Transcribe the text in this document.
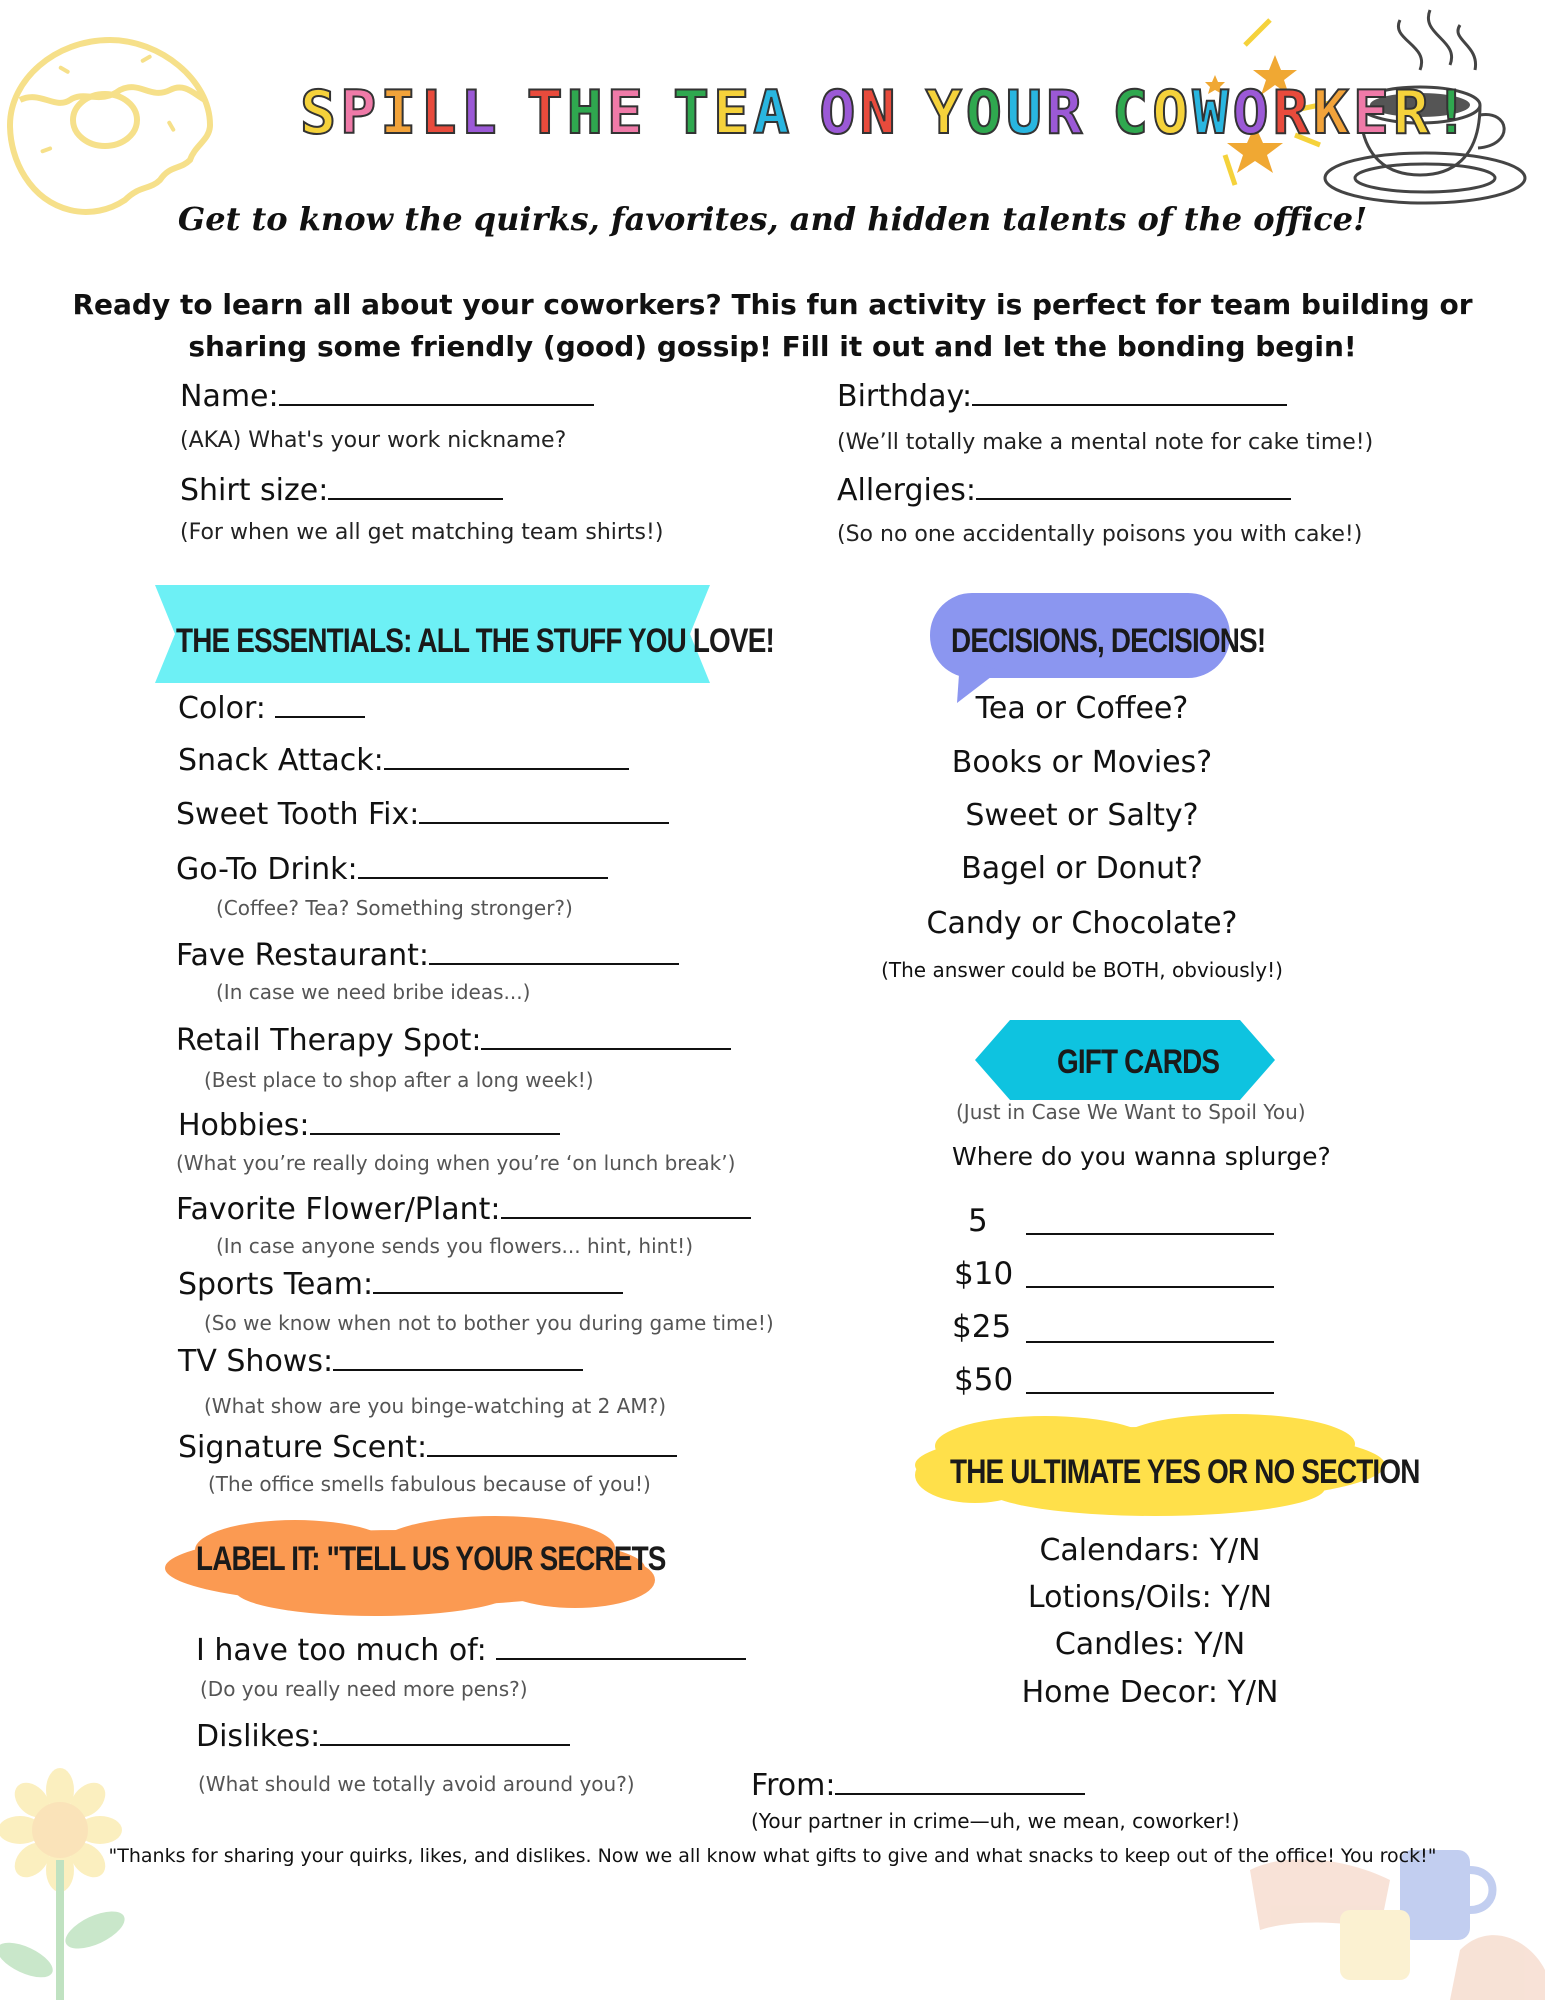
SPILL THE TEA ON YOUR COWORKER!
Get to know the quirks, favorites, and hidden talents of the office!
Ready to learn all about your coworkers? This fun activity is perfect for team building or sharing some friendly (good) gossip! Fill it out and let the bonding begin!
Name:
(AKA) What's your work nickname?
Shirt size:
(For when we all get matching team shirts!)
Birthday:
(We’ll totally make a mental note for cake time!)
Allergies:
(So no one accidentally poisons you with cake!)
THE ESSENTIALS: ALL THE STUFF YOU LOVE!
Color:
Snack Attack:
Sweet Tooth Fix:
Go-To Drink:
(Coffee? Tea? Something stronger?)
Fave Restaurant:
(In case we need bribe ideas...)
Retail Therapy Spot:
(Best place to shop after a long week!)
Hobbies:
(What you’re really doing when you’re ‘on lunch break’)
Favorite Flower/Plant:
(In case anyone sends you flowers... hint, hint!)
Sports Team:
(So we know when not to bother you during game time!)
TV Shows:
(What show are you binge-watching at 2 AM?)
Signature Scent:
(The office smells fabulous because of you!)
LABEL IT: "TELL US YOUR SECRETS
I have too much of:
(Do you really need more pens?)
Dislikes:
(What should we totally avoid around you?)
DECISIONS, DECISIONS!
Tea or Coffee?
Books or Movies?
Sweet or Salty?
Bagel or Donut?
Candy or Chocolate?
(The answer could be BOTH, obviously!)
GIFT CARDS
(Just in Case We Want to Spoil You)
Where do you wanna splurge?
5
$10
$25
$50
THE ULTIMATE YES OR NO SECTION
Calendars: Y/N
Lotions/Oils: Y/N
Candles: Y/N
Home Decor: Y/N
From:
(Your partner in crime—uh, we mean, coworker!)
"Thanks for sharing your quirks, likes, and dislikes. Now we all know what gifts to give and what snacks to keep out of the office! You rock!"
